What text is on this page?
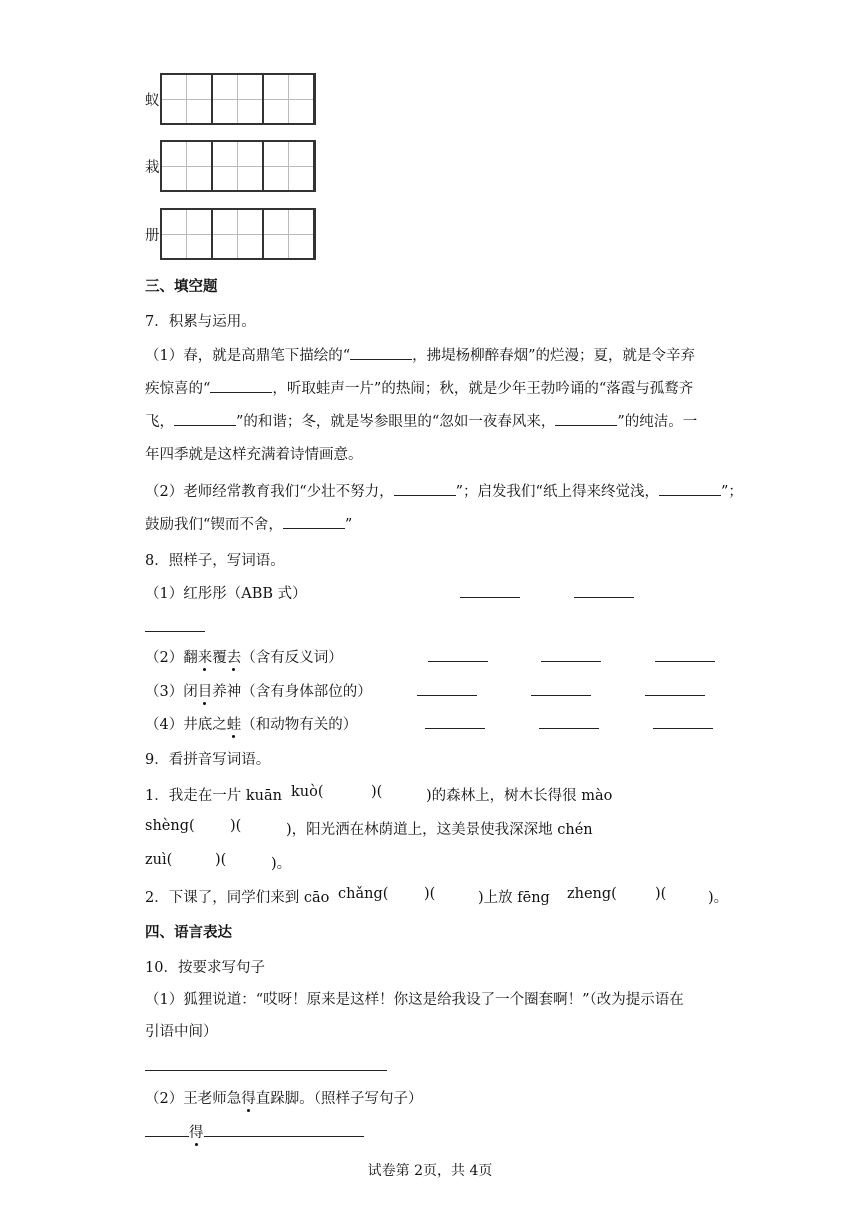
蚁
栽
册
三、填空题
7．积累与运用。
（1）春，就是高鼎笔下描绘的“	，拂堤杨柳醉春烟”的烂漫；夏，就是令辛弃
疾惊喜的“	，听取蛙声一片”的热闹；秋，就是少年王勃吟诵的“落霞与孤鹜齐
飞，	”的和谐；冬，就是岑参眼里的“忽如一夜春风来，	”的纯洁。一
年四季就是这样充满着诗情画意。
（2）老师经常教育我们“少壮不努力，	”；启发我们“纸上得来终觉浅，	”；
鼓励我们“锲而不舍，	”
8．照样子，写词语。
（1）红彤彤（ABB 式）
（2）翻来覆去（含有反义词）
（3）闭目养神（含有身体部位的）
（4）井底之蛙（和动物有关的）
9．看拼音写词语。
1．我走在一片 kuān kuò(	)(	)的森林上，树木长得很 mào
shèng( )(	)，阳光洒在林荫道上，这美景使我深深地 chén
zuì(	)(	)。
2．下课了，同学们来到 cāo chǎng( )(	)上放 fēng zheng(	)(	)。
四、语言表达
10．按要求写句子
（1）狐狸说道：“哎呀！原来是这样！你这是给我设了一个圈套啊！”（改为提示语在
引语中间）
（2）王老师急得直跺脚。（照样子写句子）
得
试卷第 2页，共 4页
